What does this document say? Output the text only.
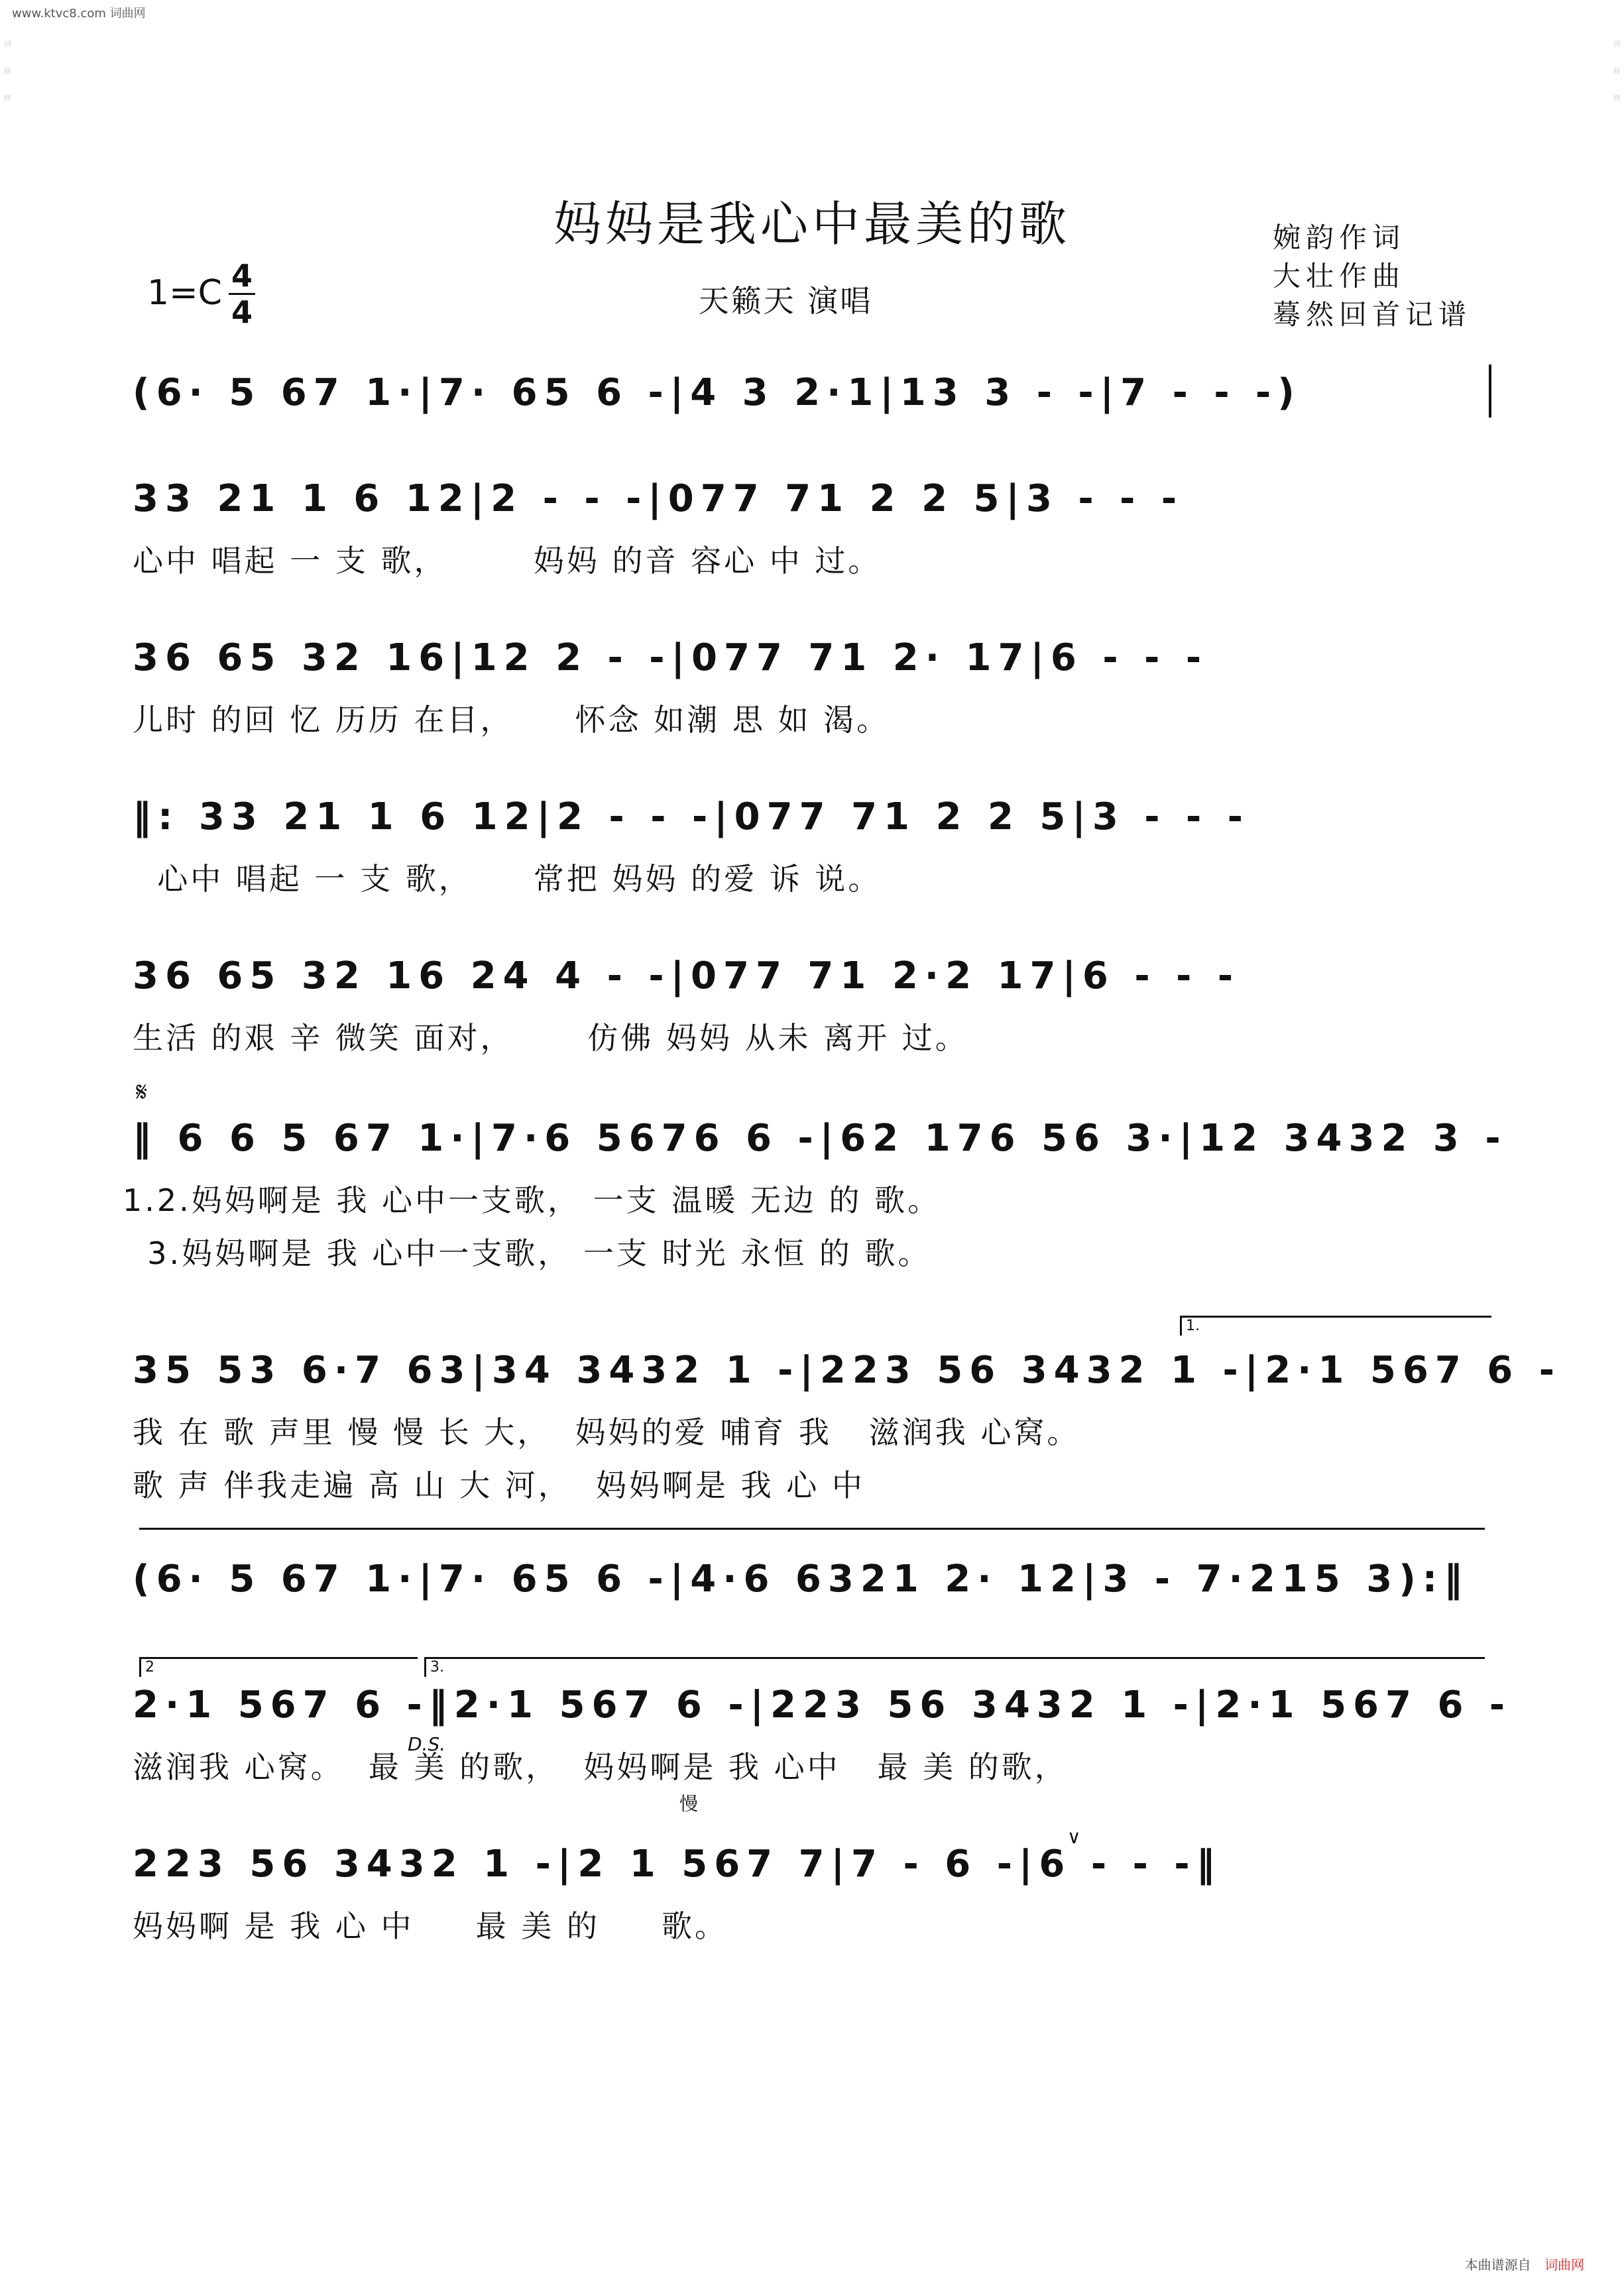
www.ktvc8.com 词曲网
词曲网	词曲网
妈妈是我心中最美的歌
1=C 4
4	天籁天 演唱
婉韵作词
大壮作曲
蓦然回首记谱
(6· 5 67 1·|7· 65 6 -|4 3 2·1|13 3 - -|7 - - -)
33 21 1 6 12|2 - - -|077 71 2 2 5|3 - - -
心中 唱起 一 支 歌，       妈妈 的音 容心 中 过。
36 65 32 16|12 2 - -|077 71 2· 17|6 - - -
儿时 的回 忆 历历 在目，     怀念 如潮 思 如 渴。
‖: 33 21 1 6 12|2 - - -|077 71 2 2 5|3 - - -
心中 唱起 一 支 歌，     常把 妈妈 的爱 诉 说。
36 65 32 16 24 4 - -|077 71 2·2 17|6 - - -
生活 的艰 辛 微笑 面对，      仿佛 妈妈 从未 离开 过。
𝄋
‖ 6 6 5 67 1·|7·6 5676 6 -|62 176 56 3·|12 3432 3 -
1.2.妈妈啊是 我 心中一支歌， 一支 温暖 无边 的 歌。
3.妈妈啊是 我 心中一支歌， 一支 时光 永恒 的 歌。
1.
35 53 6·7 63|34 3432 1 -|223 56 3432 1 -|2·1 567 6 -
我 在 歌 声里 慢 慢 长 大，  妈妈的爱 哺育 我   滋润我 心窝。
歌 声 伴我走遍 高 山 大 河，  妈妈啊是 我 心 中
(6· 5 67 1·|7· 65 6 -|4·6 6321 2· 12|3 - 7·215 3):‖
2	3.
2·1 567 6 -‖2·1 567 6 -|223 56 3432 1 -|2·1 567 6 -
滋润我 心窝。  最 美 的歌，  妈妈啊是 我 心中   最 美 的歌，
D.S.
慢
∨
223 56 3432 1 -|2 1 567 7|7 - 6 -|6 - - -‖
妈妈啊 是 我 心 中     最 美 的     歌。
本曲谱源自 词曲网
